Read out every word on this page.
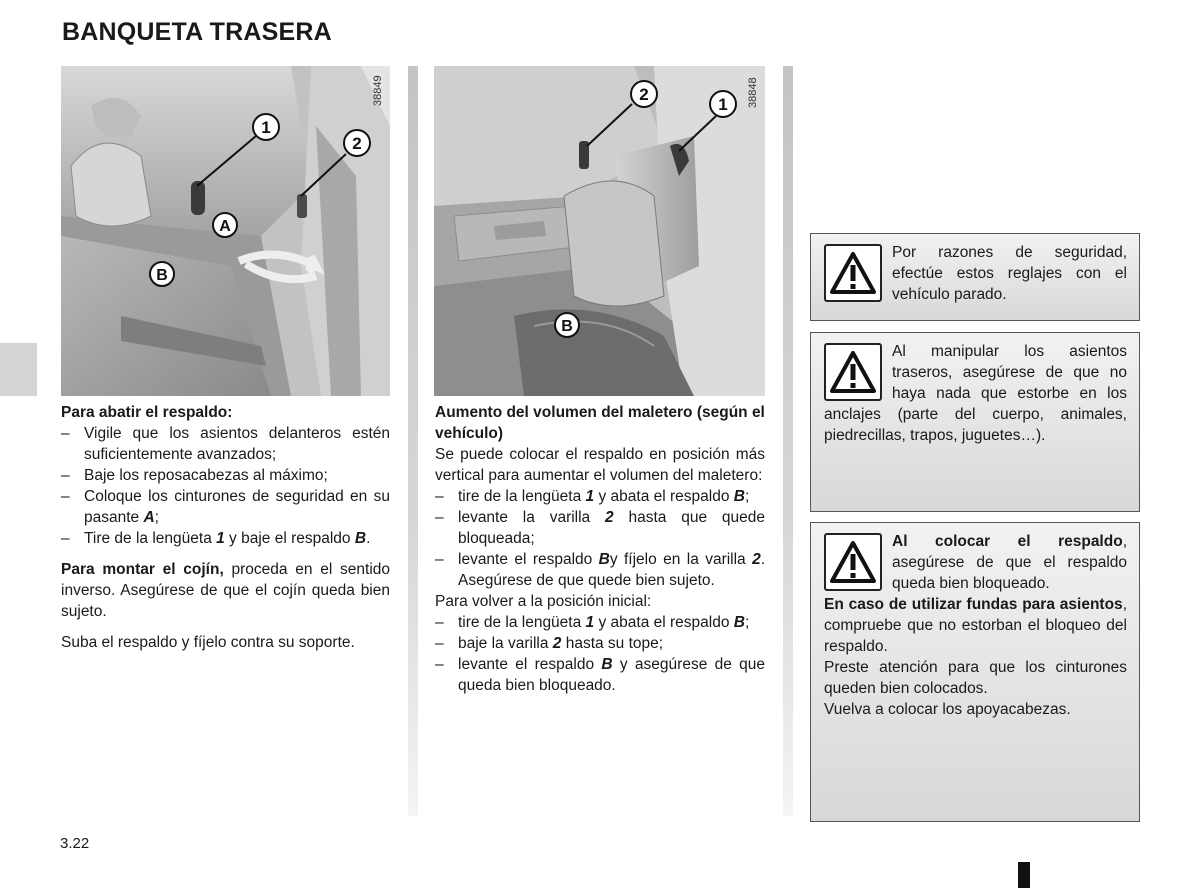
BANQUETA TRASERA
1
2
A
B
38849	2
1
B
38848

Para abatir el respaldo:

– Vigile que los asientos delanteros estén suficientemente avanzados;
– Baje los reposacabezas al máximo;
– Coloque los cinturones de seguridad en su pasante A;
– Tire de la lengüeta 1 y baje el respaldo B.

Para montar el cojín, proceda en el sentido inverso. Asegúrese de que el cojín queda bien sujeto.

Suba el respaldo y fíjelo contra su soporte.

Aumento del volumen del maletero (según el vehículo)

Se puede colocar el respaldo en posición más vertical para aumentar el volumen del maletero:

– tire de la lengüeta 1 y abata el respaldo B;
– levante la varilla 2 hasta que quede bloqueada;
– levante el respaldo By fíjelo en la varilla 2. Asegúrese de que quede bien sujeto.

Para volver a la posición inicial:

– tire de la lengüeta 1 y abata el respaldo B;
– baje la varilla 2 hasta su tope;
– levante el respaldo B y asegúrese de que queda bien bloqueado.

Por razones de seguridad, efectúe estos reglajes con el vehículo parado.

Al manipular los asientos traseros, asegúrese de que no haya nada que estorbe en los anclajes (parte del cuerpo, animales, piedrecillas, trapos, juguetes…).

Al colocar el respaldo, asegúrese de que el respaldo queda bien bloqueado.

En caso de utilizar fundas para asientos, compruebe que no estorban el bloqueo del respaldo.

Preste atención para que los cinturones queden bien colocados.

Vuelva a colocar los apoyacabezas.

3.22
